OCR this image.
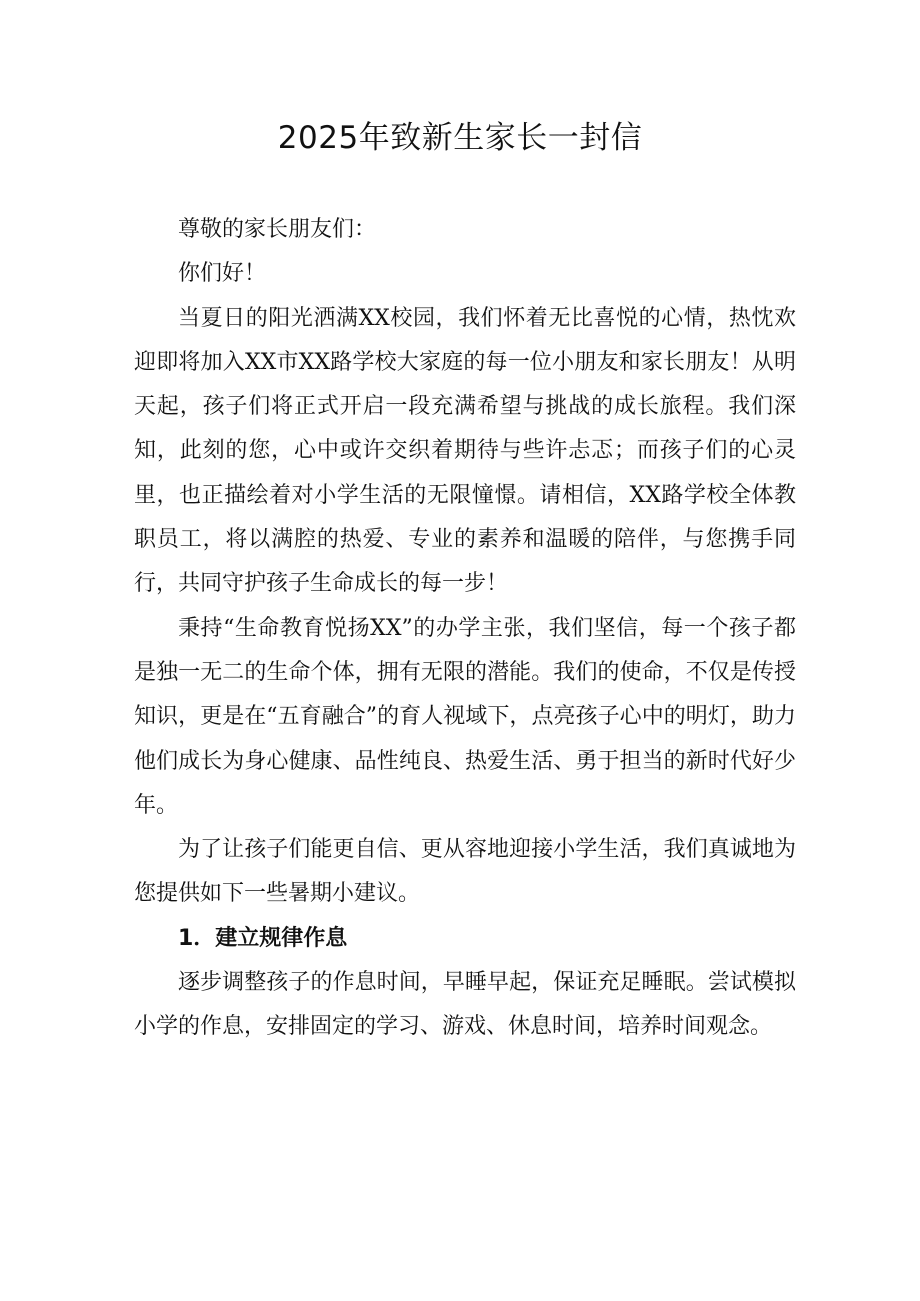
2025年致新生家长一封信

尊敬的家长朋友们：

你们好！

当夏日的阳光洒满XX校园，我们怀着无比喜悦的心情，热忱欢迎即将加入XX市XX路学校大家庭的每一位小朋友和家长朋友！从明天起，孩子们将正式开启一段充满希望与挑战的成长旅程。我们深知，此刻的您，心中或许交织着期待与些许忐忑；而孩子们的心灵里，也正描绘着对小学生活的无限憧憬。请相信，XX路学校全体教职员工，将以满腔的热爱、专业的素养和温暖的陪伴，与您携手同行，共同守护孩子生命成长的每一步！

秉持“生命教育悦扬XX”的办学主张，我们坚信，每一个孩子都是独一无二的生命个体，拥有无限的潜能。我们的使命，不仅是传授知识，更是在“五育融合”的育人视域下，点亮孩子心中的明灯，助力他们成长为身心健康、品性纯良、热爱生活、勇于担当的新时代好少年。

为了让孩子们能更自信、更从容地迎接小学生活，我们真诚地为您提供如下一些暑期小建议。

1．建立规律作息

逐步调整孩子的作息时间，早睡早起，保证充足睡眠。尝试模拟小学的作息，安排固定的学习、游戏、休息时间，培养时间观念。
